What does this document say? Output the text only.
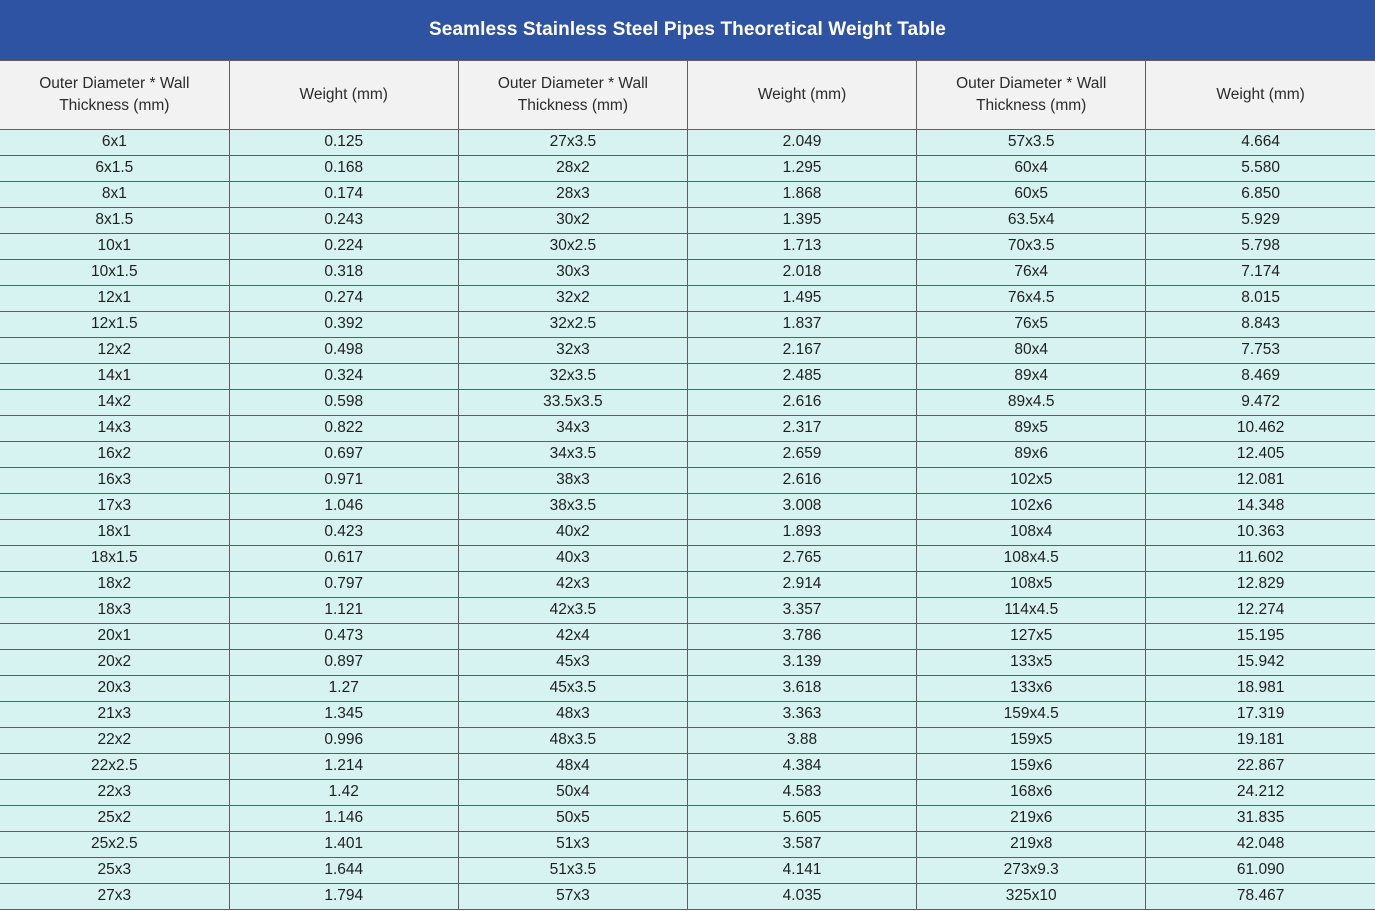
Seamless Stainless Steel Pipes Theoretical Weight Table
Outer Diameter * Wall Thickness (mm)	Weight (mm)	Outer Diameter * Wall Thickness (mm)	Weight (mm)	Outer Diameter * Wall Thickness (mm)	Weight (mm)
6x1	0.125	27x3.5	2.049	57x3.5	4.664
6x1.5	0.168	28x2	1.295	60x4	5.580
8x1	0.174	28x3	1.868	60x5	6.850
8x1.5	0.243	30x2	1.395	63.5x4	5.929
10x1	0.224	30x2.5	1.713	70x3.5	5.798
10x1.5	0.318	30x3	2.018	76x4	7.174
12x1	0.274	32x2	1.495	76x4.5	8.015
12x1.5	0.392	32x2.5	1.837	76x5	8.843
12x2	0.498	32x3	2.167	80x4	7.753
14x1	0.324	32x3.5	2.485	89x4	8.469
14x2	0.598	33.5x3.5	2.616	89x4.5	9.472
14x3	0.822	34x3	2.317	89x5	10.462
16x2	0.697	34x3.5	2.659	89x6	12.405
16x3	0.971	38x3	2.616	102x5	12.081
17x3	1.046	38x3.5	3.008	102x6	14.348
18x1	0.423	40x2	1.893	108x4	10.363
18x1.5	0.617	40x3	2.765	108x4.5	11.602
18x2	0.797	42x3	2.914	108x5	12.829
18x3	1.121	42x3.5	3.357	114x4.5	12.274
20x1	0.473	42x4	3.786	127x5	15.195
20x2	0.897	45x3	3.139	133x5	15.942
20x3	1.27	45x3.5	3.618	133x6	18.981
21x3	1.345	48x3	3.363	159x4.5	17.319
22x2	0.996	48x3.5	3.88	159x5	19.181
22x2.5	1.214	48x4	4.384	159x6	22.867
22x3	1.42	50x4	4.583	168x6	24.212
25x2	1.146	50x5	5.605	219x6	31.835
25x2.5	1.401	51x3	3.587	219x8	42.048
25x3	1.644	51x3.5	4.141	273x9.3	61.090
27x3	1.794	57x3	4.035	325x10	78.467
